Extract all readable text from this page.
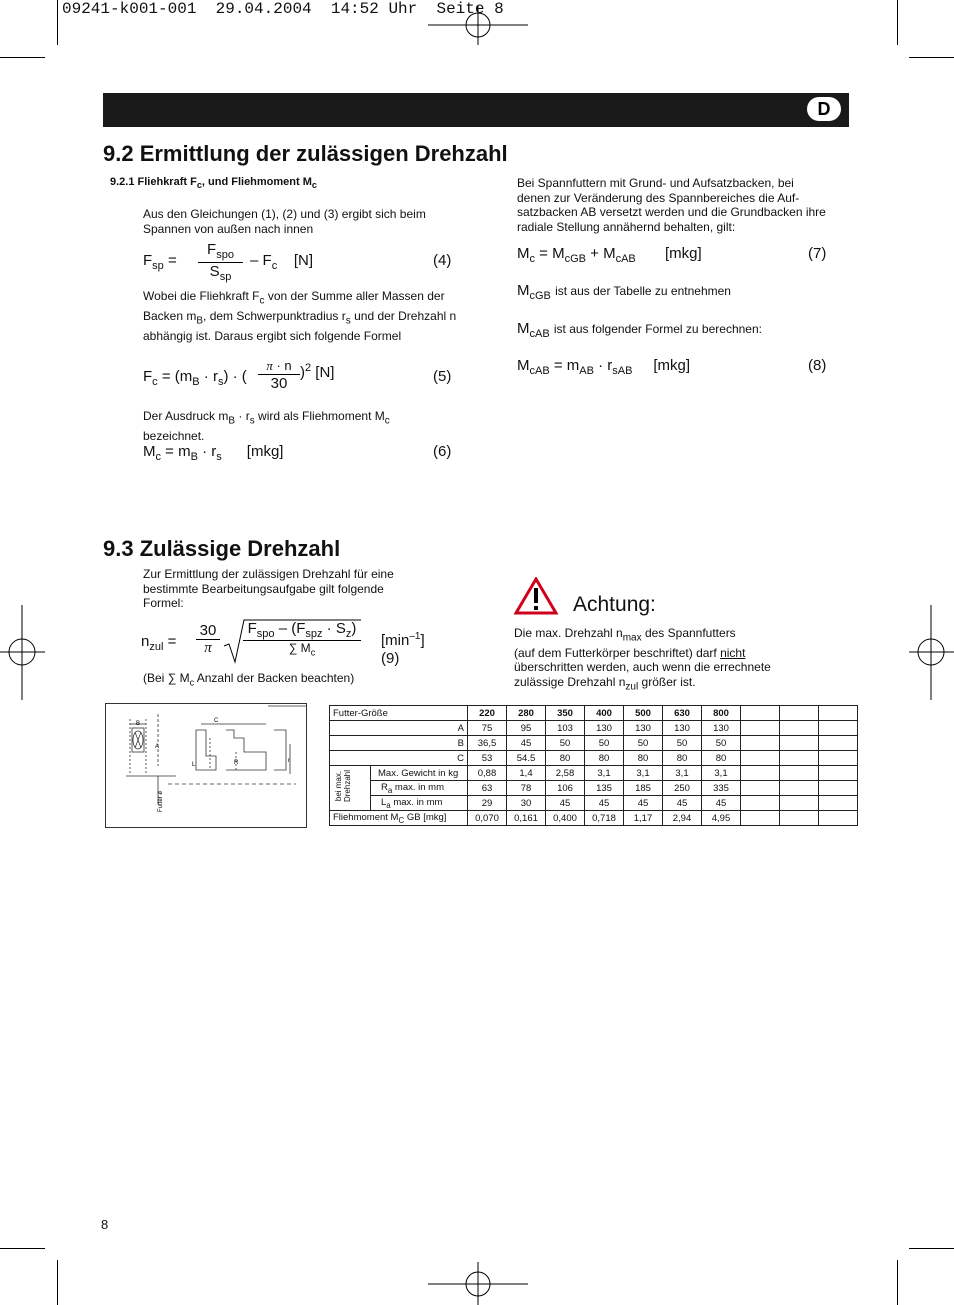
09241-k001-001 29.04.2004 14:52 Uhr Seite 8
D
9.2 Ermittlung der zulässigen Drehzahl
9.2.1 Fliehkraft $F_c$, und Fliehmoment $M_c$
Aus den Gleichungen (1), (2) und (3) ergibt sich beim Spannen von außen nach innen
$F_{sp}$ =
$F_{spo}$
$S_{sp}$
– $F_c$ [N]	(4)
Wobei die Fliehkraft $F_c$ von der Summe aller Massen der Backen $m_B$, dem Schwerpunktradius $r_s$ und der Drehzahl n abhängig ist. Daraus ergibt sich folgende Formel
$F_c = (m_B \cdot r_s)$ · (
π · n
30
)$^2$ [N]	(5)
Der Ausdruck $m_B \cdot r_s$ wird als Fliehmoment $M_c$ bezeichnet.
$M_c = m_B \cdot r_s$ [mkg]	(6)
Bei Spannfuttern mit Grund- und Aufsatzbacken, bei denen zur Veränderung des Spannbereiches die Auf-satzbacken AB versetzt werden und die Grundbacken ihre radiale Stellung annähernd behalten, gilt:
$M_c = M_{cGB} + M_{cAB}$ [mkg]	(7)
$M_{cGB}$ ist aus der Tabelle zu entnehmen
$M_{cAB}$ ist aus folgender Formel zu berechnen:
$M_{cAB} = m_{AB} \cdot r_{sAB}$ [mkg]	(8)
9.3 Zulässige Drehzahl
Zur Ermittlung der zulässigen Drehzahl für eine bestimmte Bearbeitungsaufgabe gilt folgende Formel:
$n_{zul}$ =
30
π
$F_{spo} - (F_{spz} \cdot S_z)$
∑ $M_c$
$[\min^{-1}]$
(9)
(Bei ∑ $M_c$ Anzahl der Backen beachten)
Achtung:
Die max. Drehzahl $n_{max}$ des Spannfutters
(auf dem Futterkörper beschriftet) darf nicht
überschritten werden, auch wenn die errechnete
zulässige Drehzahl $n_{zul}$ größer ist.
B	C
A
L	R	r
Futter ø
Futter-Größe	220	280	350	400	500	630	800			
A	75	95	103	130	130	130	130			
B	36,5	45	50	50	50	50	50			
C	53	54.5	80	80	80	80	80			

bei max. Drehzahl Max. Gewicht in kg	0,88	1,4	2,58	3,1	3,1	3,1	3,1			
$R_a$ max. in mm	63	78	106	135	185	250	335			
$L_a$ max. in mm	29	30	45	45	45	45	45			
Fliehmoment $M_C$ GB [mkg]	0,070	0,161	0,400	0,718	1,17	2,94	4,95			
8
